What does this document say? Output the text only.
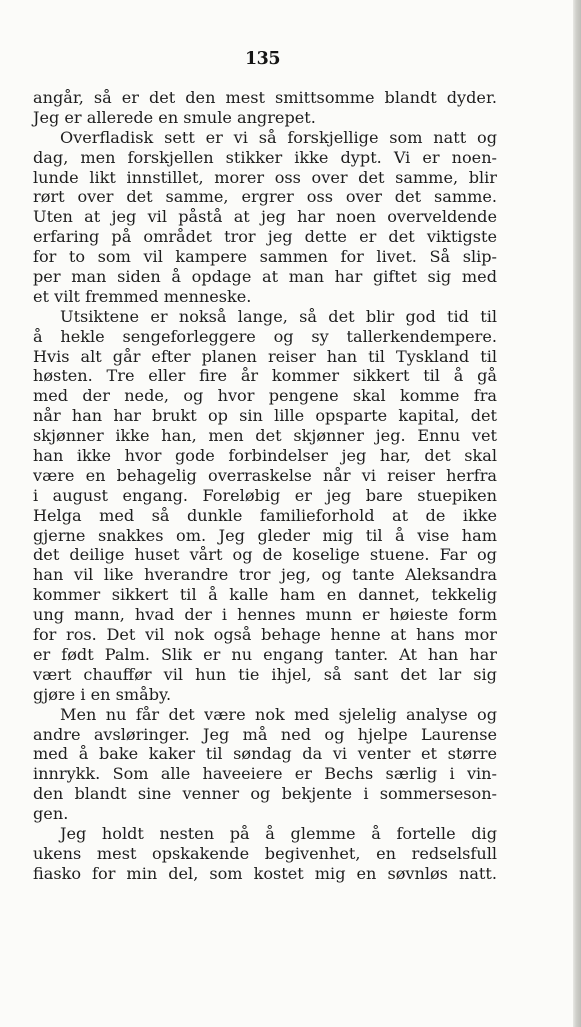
135
angår, så er det den mest smittsomme blandt dyder.
Jeg er allerede en smule angrepet.
Overfladisk sett er vi så forskjellige som natt og
dag, men forskjellen stikker ikke dypt. Vi er noen-
lunde likt innstillet, morer oss over det samme, blir
rørt over det samme, ergrer oss over det samme.
Uten at jeg vil påstå at jeg har noen overveldende
erfaring på området tror jeg dette er det viktigste
for to som vil kampere sammen for livet. Så slip-
per man siden å opdage at man har giftet sig med
et vilt fremmed menneske.
Utsiktene er nokså lange, så det blir god tid til
å hekle sengeforleggere og sy tallerkendempere.
Hvis alt går efter planen reiser han til Tyskland til
høsten. Tre eller fire år kommer sikkert til å gå
med der nede, og hvor pengene skal komme fra
når han har brukt op sin lille opsparte kapital, det
skjønner ikke han, men det skjønner jeg. Ennu vet
han ikke hvor gode forbindelser jeg har, det skal
være en behagelig overraskelse når vi reiser herfra
i august engang. Foreløbig er jeg bare stuepiken
Helga med så dunkle familieforhold at de ikke
gjerne snakkes om. Jeg gleder mig til å vise ham
det deilige huset vårt og de koselige stuene. Far og
han vil like hverandre tror jeg, og tante Aleksandra
kommer sikkert til å kalle ham en dannet, tekkelig
ung mann, hvad der i hennes munn er høieste form
for ros. Det vil nok også behage henne at hans mor
er født Palm. Slik er nu engang tanter. At han har
vært chauffør vil hun tie ihjel, så sant det lar sig
gjøre i en småby.
Men nu får det være nok med sjelelig analyse og
andre avsløringer. Jeg må ned og hjelpe Laurense
med å bake kaker til søndag da vi venter et større
innrykk. Som alle haveeiere er Bechs særlig i vin-
den blandt sine venner og bekjente i sommerseson-
gen.
Jeg holdt nesten på å glemme å fortelle dig
ukens mest opskakende begivenhet, en redselsfull
fiasko for min del, som kostet mig en søvnløs natt.
